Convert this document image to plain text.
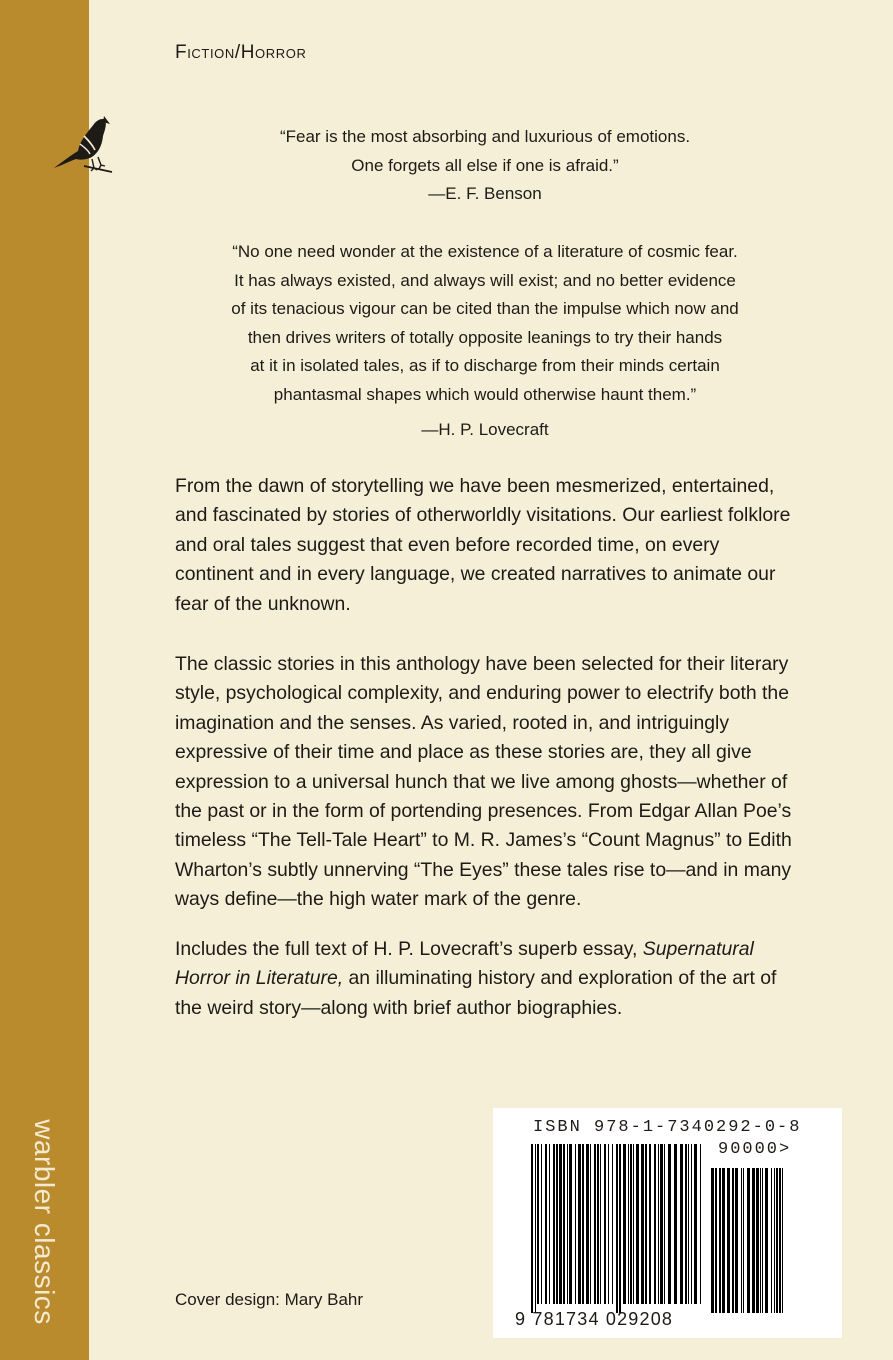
warbler classics
Fiction/Horror

“Fear is the most absorbing and luxurious of emotions.

One forgets all else if one is afraid.”

—E. F. Benson

“No one need wonder at the existence of a literature of cosmic fear.

It has always existed, and always will exist; and no better evidence

of its tenacious vigour can be cited than the impulse which now and

then drives writers of totally opposite leanings to try their hands

at it in isolated tales, as if to discharge from their minds certain

phantasmal shapes which would otherwise haunt them.”

—H. P. Lovecraft

From the dawn of storytelling we have been mesmerized, entertained, and fascinated by stories of otherworldly visitations. Our earliest folklore and oral tales suggest that even before recorded time, on every continent and in every language, we created narratives to animate our fear of the unknown.

The classic stories in this anthology have been selected for their literary style, psychological complexity, and enduring power to electrify both the imagination and the senses. As varied, rooted in, and intriguingly expressive of their time and place as these stories are, they all give expression to a universal hunch that we live among ghosts—whether of the past or in the form of portending presences. From Edgar Allan Poe’s timeless “The Tell-Tale Heart” to M. R. James’s “Count Magnus” to Edith Wharton’s subtly unnerving “The Eyes” these tales rise to—and in many ways define—the high water mark of the genre.

Includes the full text of H. P. Lovecraft’s superb essay, Supernatural Horror in Literature, an illuminating history and exploration of the art of the weird story—along with brief author biographies.

Cover design: Mary Bahr
ISBN 978-1-7340292-0-8
90000>
9 781734 029208
